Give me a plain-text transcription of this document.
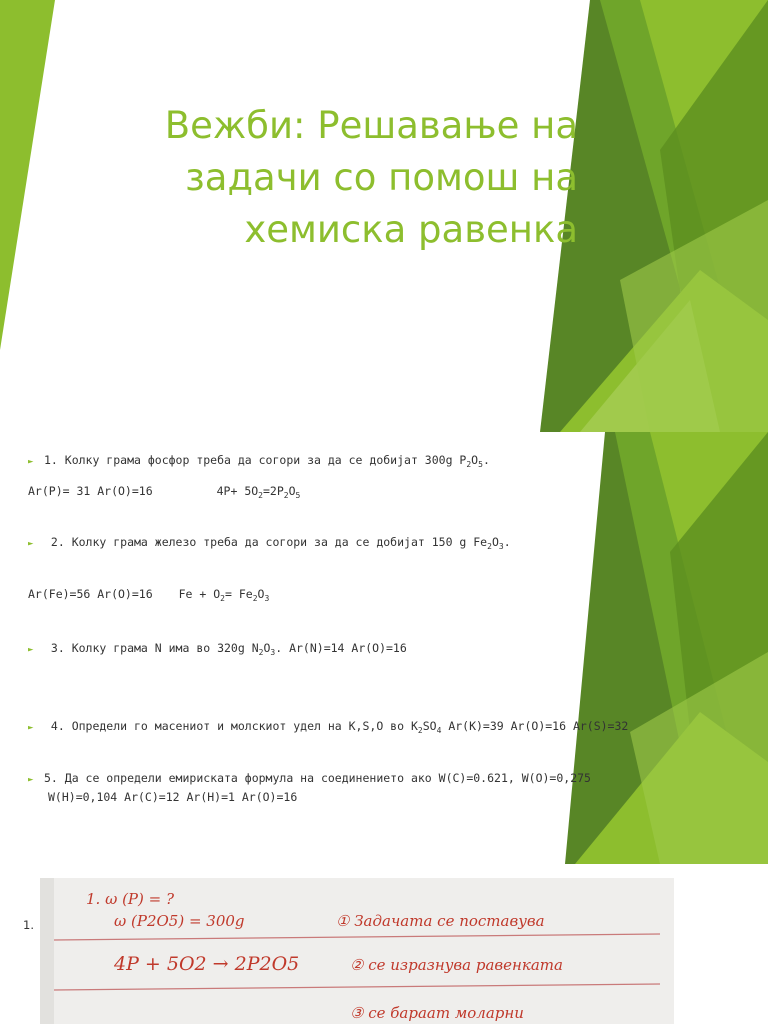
Вежби: Решавање на
задачи со помош на
хемиска равенка
► 1. Колку грама фосфор треба да согори за да се добијат 300g $P_2O_5$.
Ar(P)= 31 Ar(O)=16	$4P+ 5O_2=2P_2O_5$
► 2. Колку грама железо треба да согори за да се добијат 150 g $Fe_2O_3$.
Ar(Fe)=56 Ar(O)=16 $Fe + O_2= Fe_2O_3$
► 3. Колку грама N има во 320g $N_2O_3$. Ar(N)=14 Ar(O)=16
► 4. Определи го масениот и молскиот удел на K,S,O во $K_2SO_4$ Ar(K)=39 Ar(O)=16 Ar(S)=32
► 5. Да се определи емириската формула на соединението ако W(C)=0.621, W(O)=0,275
W(H)=0,104 Ar(C)=12 Ar(H)=1 Ar(O)=16
1.
1. ω (P) = ?
ω (P2O5) = 300g	① Задачата се поставува
4P + 5O2 → 2P2O5	② се изразнува равенката
③ се бараат моларни
